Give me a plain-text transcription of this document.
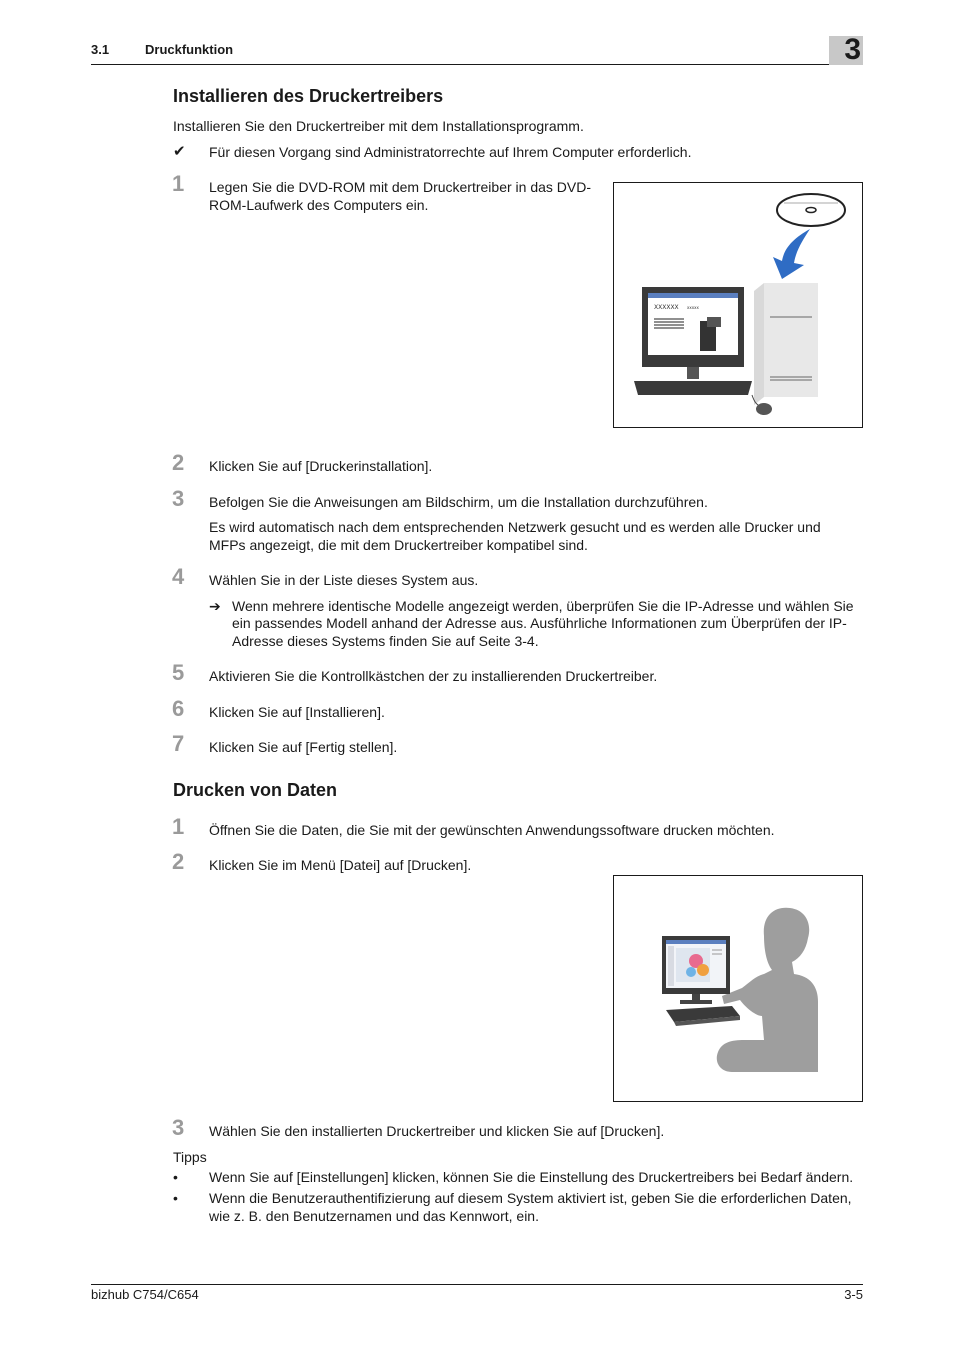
3.1	Druckfunktion	3
Installieren des Druckertreibers
Installieren Sie den Druckertreiber mit dem Installationsprogramm.
✔ Für diesen Vorgang sind Administratorrechte auf Ihrem Computer erforderlich.
1 Legen Sie die DVD-ROM mit dem Druckertreiber in das DVD-
ROM-Laufwerk des Computers ein.
XXXXXX xxxxx
2 Klicken Sie auf [Druckerinstallation].
3 Befolgen Sie die Anweisungen am Bildschirm, um die Installation durchzuführen.
Es wird automatisch nach dem entsprechenden Netzwerk gesucht und es werden alle Drucker und
MFPs angezeigt, die mit dem Druckertreiber kompatibel sind.
4 Wählen Sie in der Liste dieses System aus.
➔ Wenn mehrere identische Modelle angezeigt werden, überprüfen Sie die IP-Adresse und wählen Sie
ein passendes Modell anhand der Adresse aus. Ausführliche Informationen zum Überprüfen der IP-
Adresse dieses Systems finden Sie auf Seite 3-4.
5 Aktivieren Sie die Kontrollkästchen der zu installierenden Druckertreiber.
6 Klicken Sie auf [Installieren].
7 Klicken Sie auf [Fertig stellen].
Drucken von Daten
1 Öffnen Sie die Daten, die Sie mit der gewünschten Anwendungssoftware drucken möchten.
2 Klicken Sie im Menü [Datei] auf [Drucken].
3 Wählen Sie den installierten Druckertreiber und klicken Sie auf [Drucken].
Tipps
• Wenn Sie auf [Einstellungen] klicken, können Sie die Einstellung des Druckertreibers bei Bedarf ändern.
• Wenn die Benutzerauthentifizierung auf diesem System aktiviert ist, geben Sie die erforderlichen Daten,
wie z. B. den Benutzernamen und das Kennwort, ein.
bizhub C754/C654	3-5
